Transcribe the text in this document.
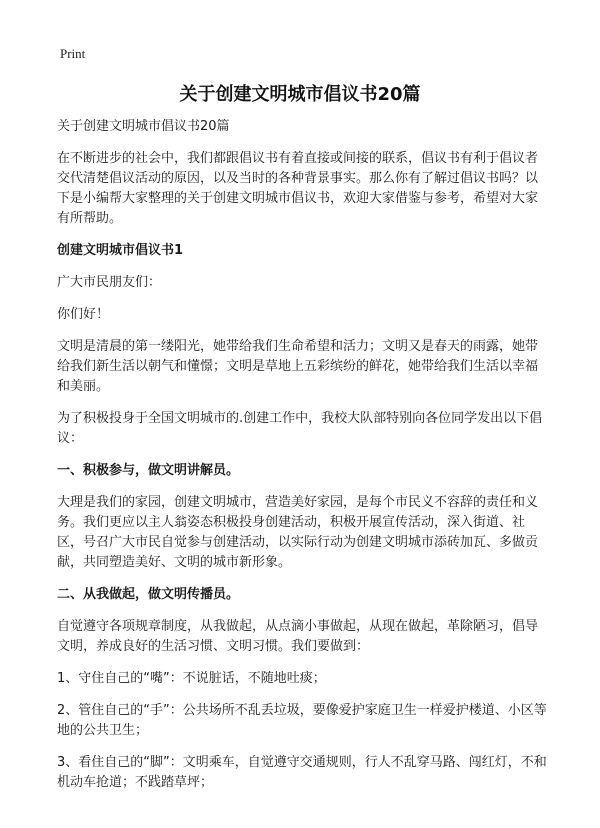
Print
关于创建文明城市倡议书20篇

关于创建文明城市倡议书20篇

在不断进步的社会中，我们都跟倡议书有着直接或间接的联系，倡议书有利于倡议者交代清楚倡议活动的原因，以及当时的各种背景事实。那么你有了解过倡议书吗？以下是小编帮大家整理的关于创建文明城市倡议书，欢迎大家借鉴与参考，希望对大家有所帮助。

创建文明城市倡议书1

广大市民朋友们：

你们好！

文明是清晨的第一缕阳光，她带给我们生命希望和活力；文明又是春天的雨露，她带给我们新生活以朝气和懂憬；文明是草地上五彩缤纷的鲜花，她带给我们生活以幸福和美丽。

为了积极投身于全国文明城市的.创建工作中，我校大队部特别向各位同学发出以下倡议：

一、积极参与，做文明讲解员。

大理是我们的家园，创建文明城市，营造美好家园，是每个市民义不容辞的责任和义务。我们更应以主人翁姿态积极投身创建活动，积极开展宣传活动，深入街道、社区，号召广大市民自觉参与创建活动，以实际行动为创建文明城市添砖加瓦、多做贡献，共同塑造美好、文明的城市新形象。

二、从我做起，做文明传播员。

自觉遵守各项规章制度，从我做起，从点滴小事做起，从现在做起，革除陋习，倡导文明，养成良好的生活习惯、文明习惯。我们要做到：

1、守住自己的“嘴”：不说脏话，不随地吐痰；

2、管住自己的“手”：公共场所不乱丢垃圾，要像爱护家庭卫生一样爱护楼道、小区等地的公共卫生；

3、看住自己的“脚”：文明乘车，自觉遵守交通规则，行人不乱穿马路、闯红灯，不和机动车抢道；不践踏草坪；
